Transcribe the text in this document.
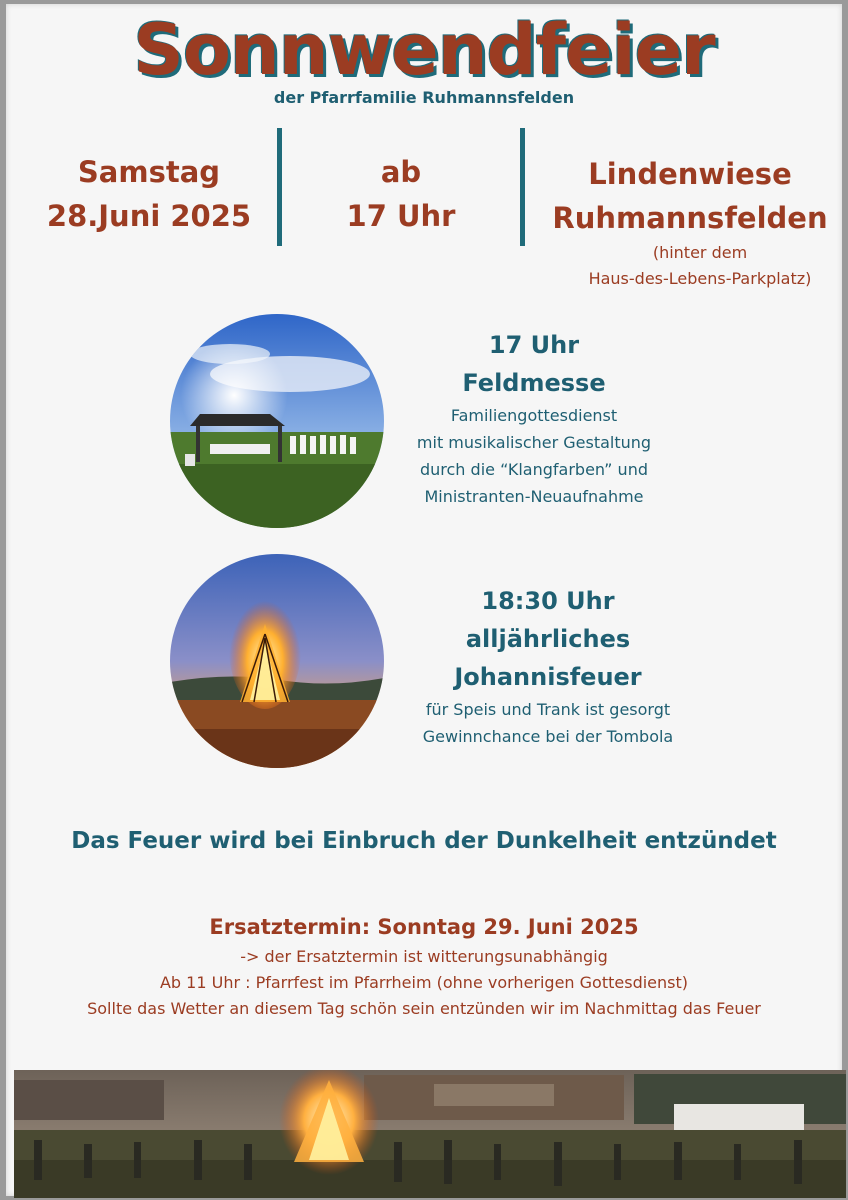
Sonnwendfeier
der Pfarrfamilie Ruhmannsfelden
Samstag
28.Juni 2025
ab
17 Uhr
Lindenwiese
Ruhmannsfelden
(hinter dem
Haus-des-Lebens-Parkplatz)
17 Uhr
Feldmesse
Familiengottesdienst
mit musikalischer Gestaltung
durch die “Klangfarben” und
Ministranten-Neuaufnahme
18:30 Uhr
alljährliches
Johannisfeuer
für Speis und Trank ist gesorgt
Gewinnchance bei der Tombola
Das Feuer wird bei Einbruch der Dunkelheit entzündet
Ersatztermin: Sonntag 29. Juni 2025
-> der Ersatztermin ist witterungsunabhängig
Ab 11 Uhr : Pfarrfest im Pfarrheim (ohne vorherigen Gottesdienst)
Sollte das Wetter an diesem Tag schön sein entzünden wir im Nachmittag das Feuer
